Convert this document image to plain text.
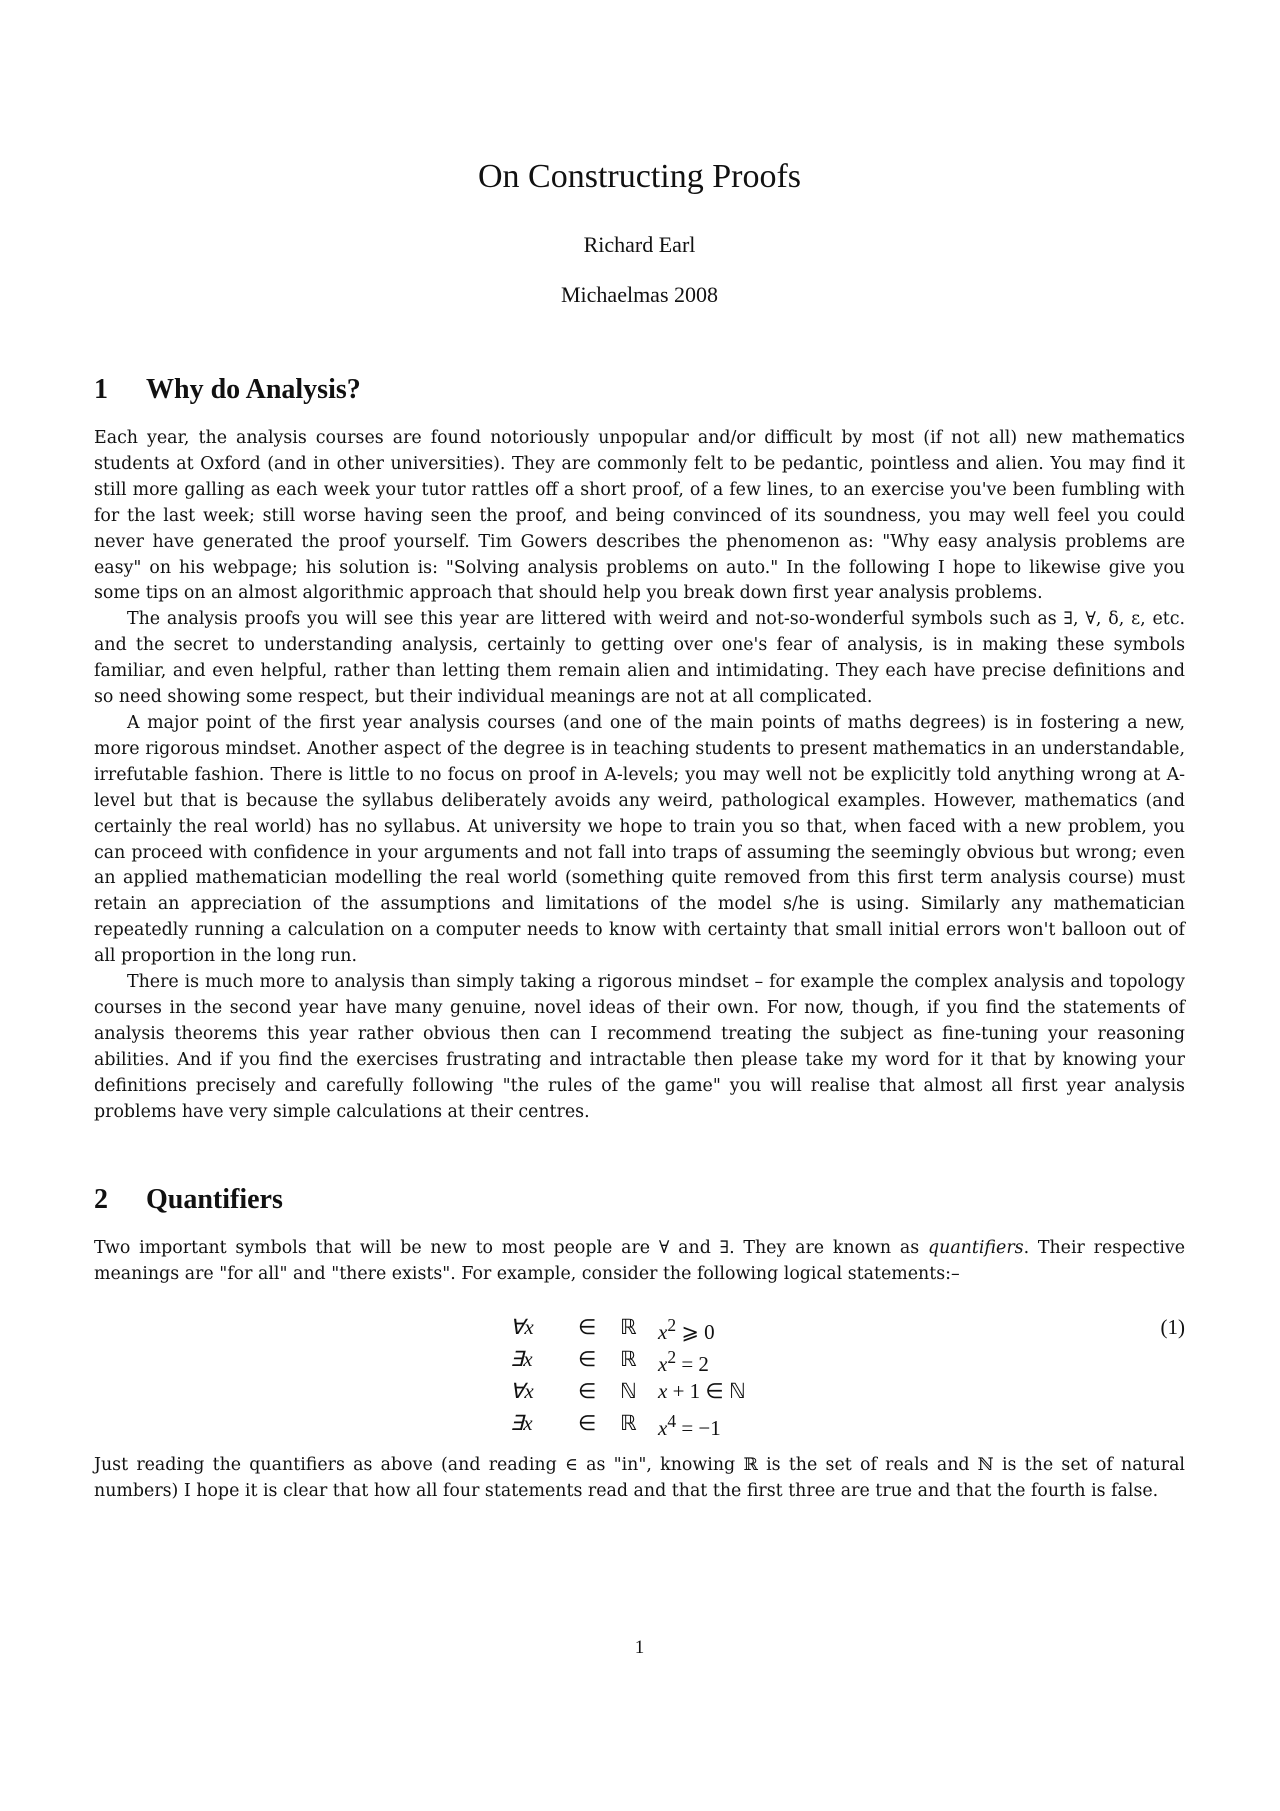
On Constructing Proofs
Richard Earl
Michaelmas 2008
1 Why do Analysis?

Each year, the analysis courses are found notoriously unpopular and/or difficult by most (if not all) new mathematics students at Oxford (and in other universities). They are commonly felt to be pedantic, pointless and alien. You may find it still more galling as each week your tutor rattles off a short proof, of a few lines, to an exercise you've been fumbling with for the last week; still worse having seen the proof, and being convinced of its soundness, you may well feel you could never have generated the proof yourself. Tim Gowers describes the phenomenon as: "Why easy analysis problems are easy" on his webpage; his solution is: "Solving analysis problems on auto." In the following I hope to likewise give you some tips on an almost algorithmic approach that should help you break down first year analysis problems.

The analysis proofs you will see this year are littered with weird and not-so-wonderful symbols such as ∃, ∀, δ, ε, etc. and the secret to understanding analysis, certainly to getting over one's fear of analysis, is in making these symbols familiar, and even helpful, rather than letting them remain alien and intimidating. They each have precise definitions and so need showing some respect, but their individual meanings are not at all complicated.

A major point of the first year analysis courses (and one of the main points of maths degrees) is in fostering a new, more rigorous mindset. Another aspect of the degree is in teaching students to present mathematics in an understandable, irrefutable fashion. There is little to no focus on proof in A-levels; you may well not be explicitly told anything wrong at A-level but that is because the syllabus deliberately avoids any weird, pathological examples. However, mathematics (and certainly the real world) has no syllabus. At university we hope to train you so that, when faced with a new problem, you can proceed with confidence in your arguments and not fall into traps of assuming the seemingly obvious but wrong; even an applied mathematician modelling the real world (something quite removed from this first term analysis course) must retain an appreciation of the assumptions and limitations of the model s/he is using. Similarly any mathematician repeatedly running a calculation on a computer needs to know with certainty that small initial errors won't balloon out of all proportion in the long run.

There is much more to analysis than simply taking a rigorous mindset – for example the complex analysis and topology courses in the second year have many genuine, novel ideas of their own. For now, though, if you find the statements of analysis theorems this year rather obvious then can I recommend treating the subject as fine-tuning your reasoning abilities. And if you find the exercises frustrating and intractable then please take my word for it that by knowing your definitions precisely and carefully following "the rules of the game" you will realise that almost all first year analysis problems have very simple calculations at their centres.

2 Quantifiers

Two important symbols that will be new to most people are ∀ and ∃. They are known as quantifiers. Their respective meanings are "for all" and "there exists". For example, consider the following logical statements:–

∀x ∈ ℝ $x^2$ ⩾ 0	(1)
∃x ∈ ℝ $x^2 = 2$
∀x ∈ ℕ x + 1 ∈ ℕ
∃x ∈ ℝ $x^4 = -1$

Just reading the quantifiers as above (and reading ∈ as "in", knowing ℝ is the set of reals and ℕ is the set of natural numbers) I hope it is clear that how all four statements read and that the first three are true and that the fourth is false.

1
